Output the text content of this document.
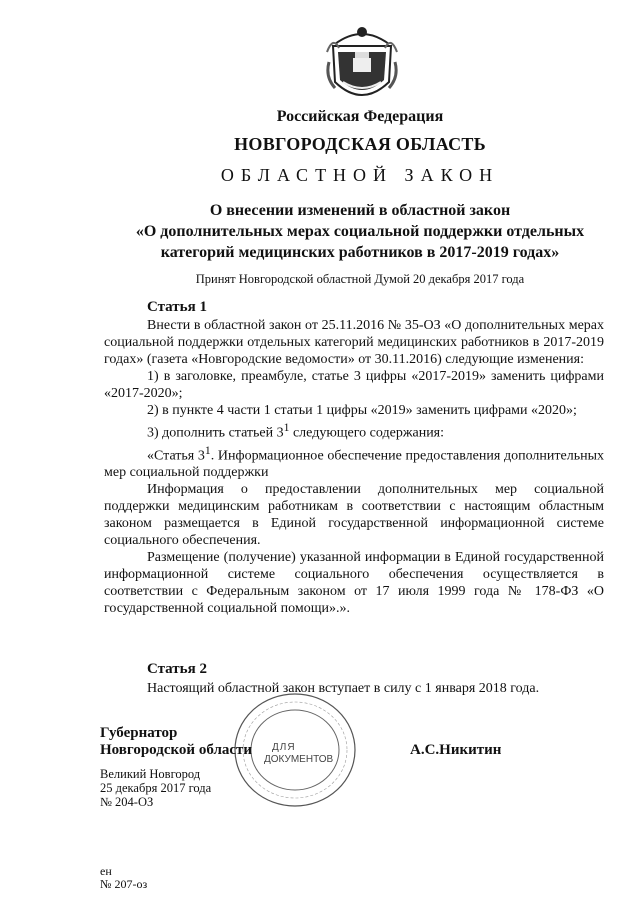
Российская Федерация
НОВГОРОДСКАЯ ОБЛАСТЬ
ОБЛАСТНОЙ ЗАКОН
О внесении изменений в областной закон
«О дополнительных мерах социальной поддержки отдельных
категорий медицинских работников в 2017-2019 годах»
Принят Новгородской областной Думой 20 декабря 2017 года
Статья 1

Внести в областной закон от 25.11.2016 № 35-ОЗ «О дополнительных мерах социальной поддержки отдельных категорий медицинских работников в 2017-2019 годах» (газета «Новгородские ведомости» от 30.11.2016) следующие изменения:

1) в заголовке, преамбуле, статье 3 цифры «2017-2019» заменить цифрами «2017-2020»;

2) в пункте 4 части 1 статьи 1 цифры «2019» заменить цифрами «2020»;

3) дополнить статьей $3^1$ следующего содержания:

«Статья $3^1$. Информационное обеспечение предоставления дополнительных мер социальной поддержки

Информация о предоставлении дополнительных мер социальной поддержки медицинским работникам в соответствии с настоящим областным законом размещается в Единой государственной информационной системе социального обеспечения.

Размещение (получение) указанной информации в Единой государственной информационной системе социального обеспечения осуществляется в соответствии с Федеральным законом от 17 июля 1999 года № 178-ФЗ «О государственной социальной помощи».».

Статья 2

Настоящий областной закон вступает в силу с 1 января 2018 года.

ДЛЯ
ДОКУМЕНТОВ
Губернатор
Новгородской области	А.С.Никитин
Великий Новгород
25 декабря 2017 года
№ 204-ОЗ
ен
№ 207-оз
